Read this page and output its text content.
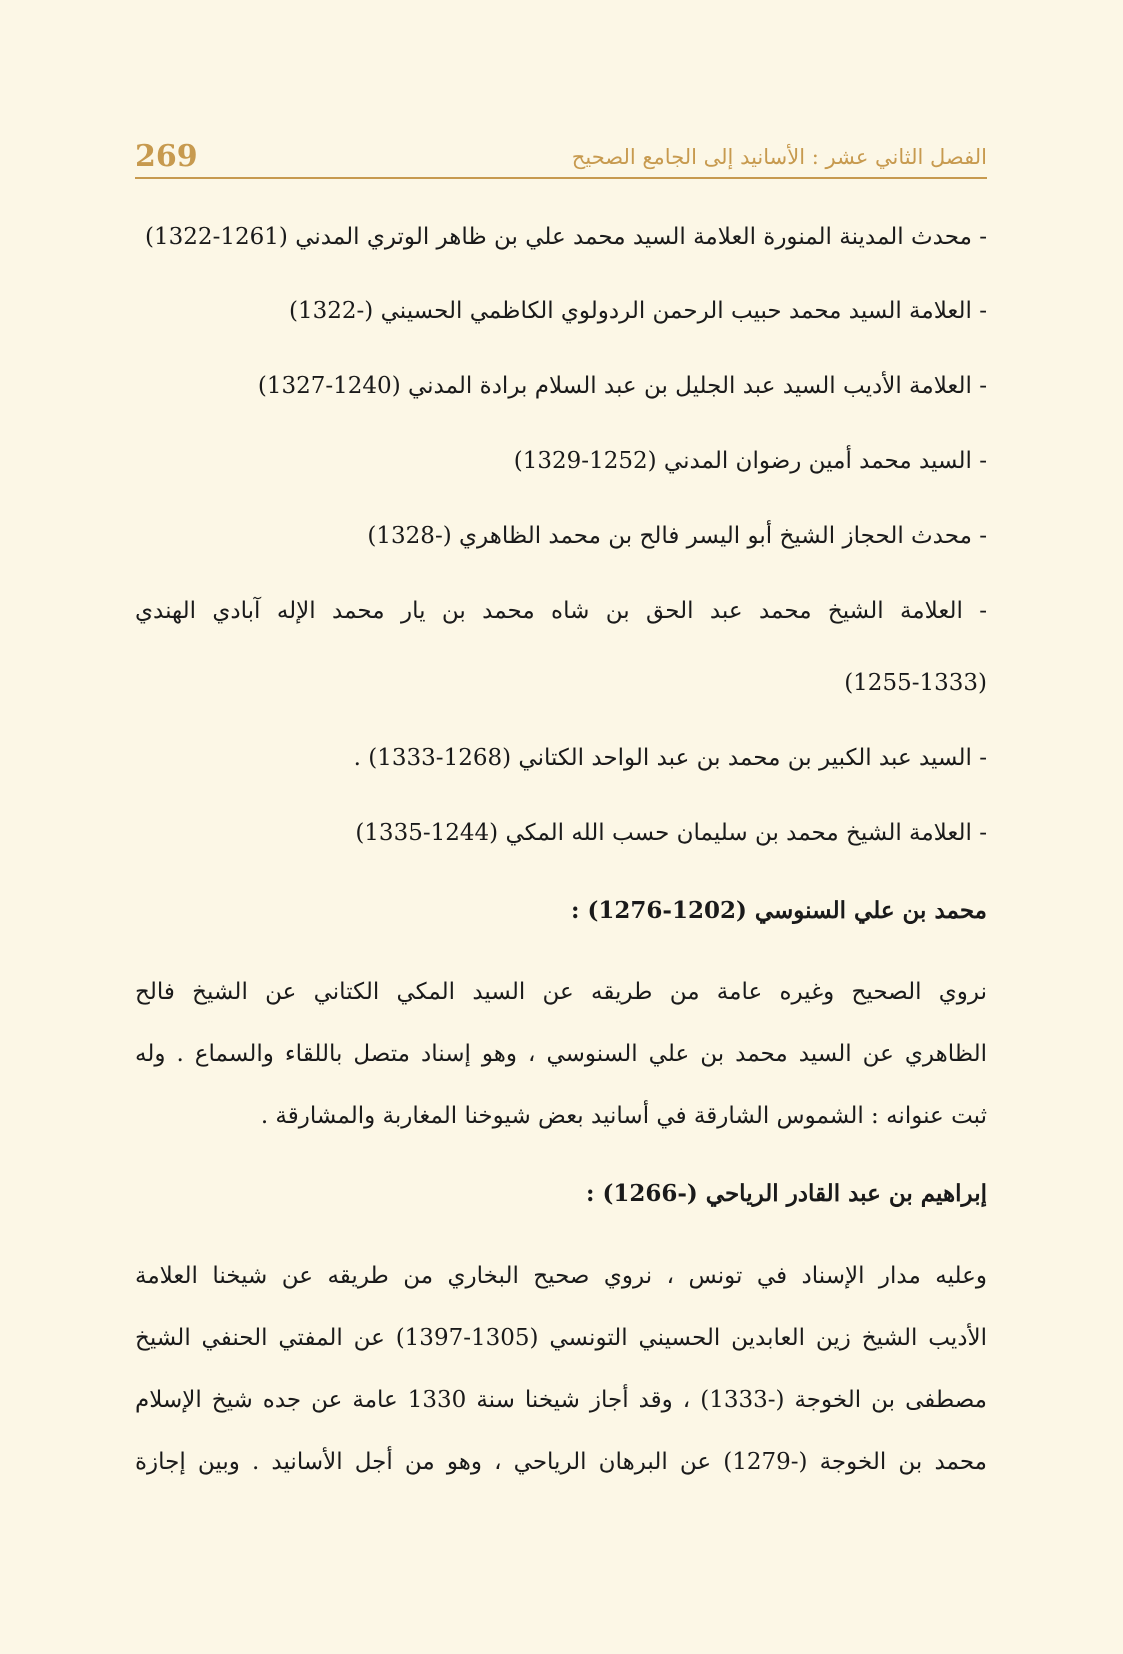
269	الفصل الثاني عشر : الأسانيد إلى الجامع الصحيح
- محدث المدينة المنورة العلامة السيد محمد علي بن ظاهر الوتري المدني (1261-1322)
- العلامة السيد محمد حبيب الرحمن الردولوي الكاظمي الحسيني (-1322)
- العلامة الأديب السيد عبد الجليل بن عبد السلام برادة المدني (1240-1327)
- السيد محمد أمين رضوان المدني (1252-1329)
- محدث الحجاز الشيخ أبو اليسر فالح بن محمد الظاهري (-1328)
- العلامة الشيخ محمد عبد الحق بن شاه محمد بن يار محمد الإله آبادي الهندي
(1255-1333)
- السيد عبد الكبير بن محمد بن عبد الواحد الكتاني (1268-1333) .
- العلامة الشيخ محمد بن سليمان حسب الله المكي (1244-1335)
محمد بن علي السنوسي (1202-1276) :
نروي الصحيح وغيره عامة من طريقه عن السيد المكي الكتاني عن الشيخ فالح
الظاهري عن السيد محمد بن علي السنوسي ، وهو إسناد متصل باللقاء والسماع . وله
ثبت عنوانه : الشموس الشارقة في أسانيد بعض شيوخنا المغاربة والمشارقة .
إبراهيم بن عبد القادر الرياحي (-1266) :
وعليه مدار الإسناد في تونس ، نروي صحيح البخاري من طريقه عن شيخنا العلامة
الأديب الشيخ زين العابدين الحسيني التونسي (1305-1397) عن المفتي الحنفي الشيخ
مصطفى بن الخوجة (-1333) ، وقد أجاز شيخنا سنة 1330 عامة عن جده شيخ الإسلام
محمد بن الخوجة (-1279) عن البرهان الرياحي ، وهو من أجل الأسانيد . وبين إجازة
